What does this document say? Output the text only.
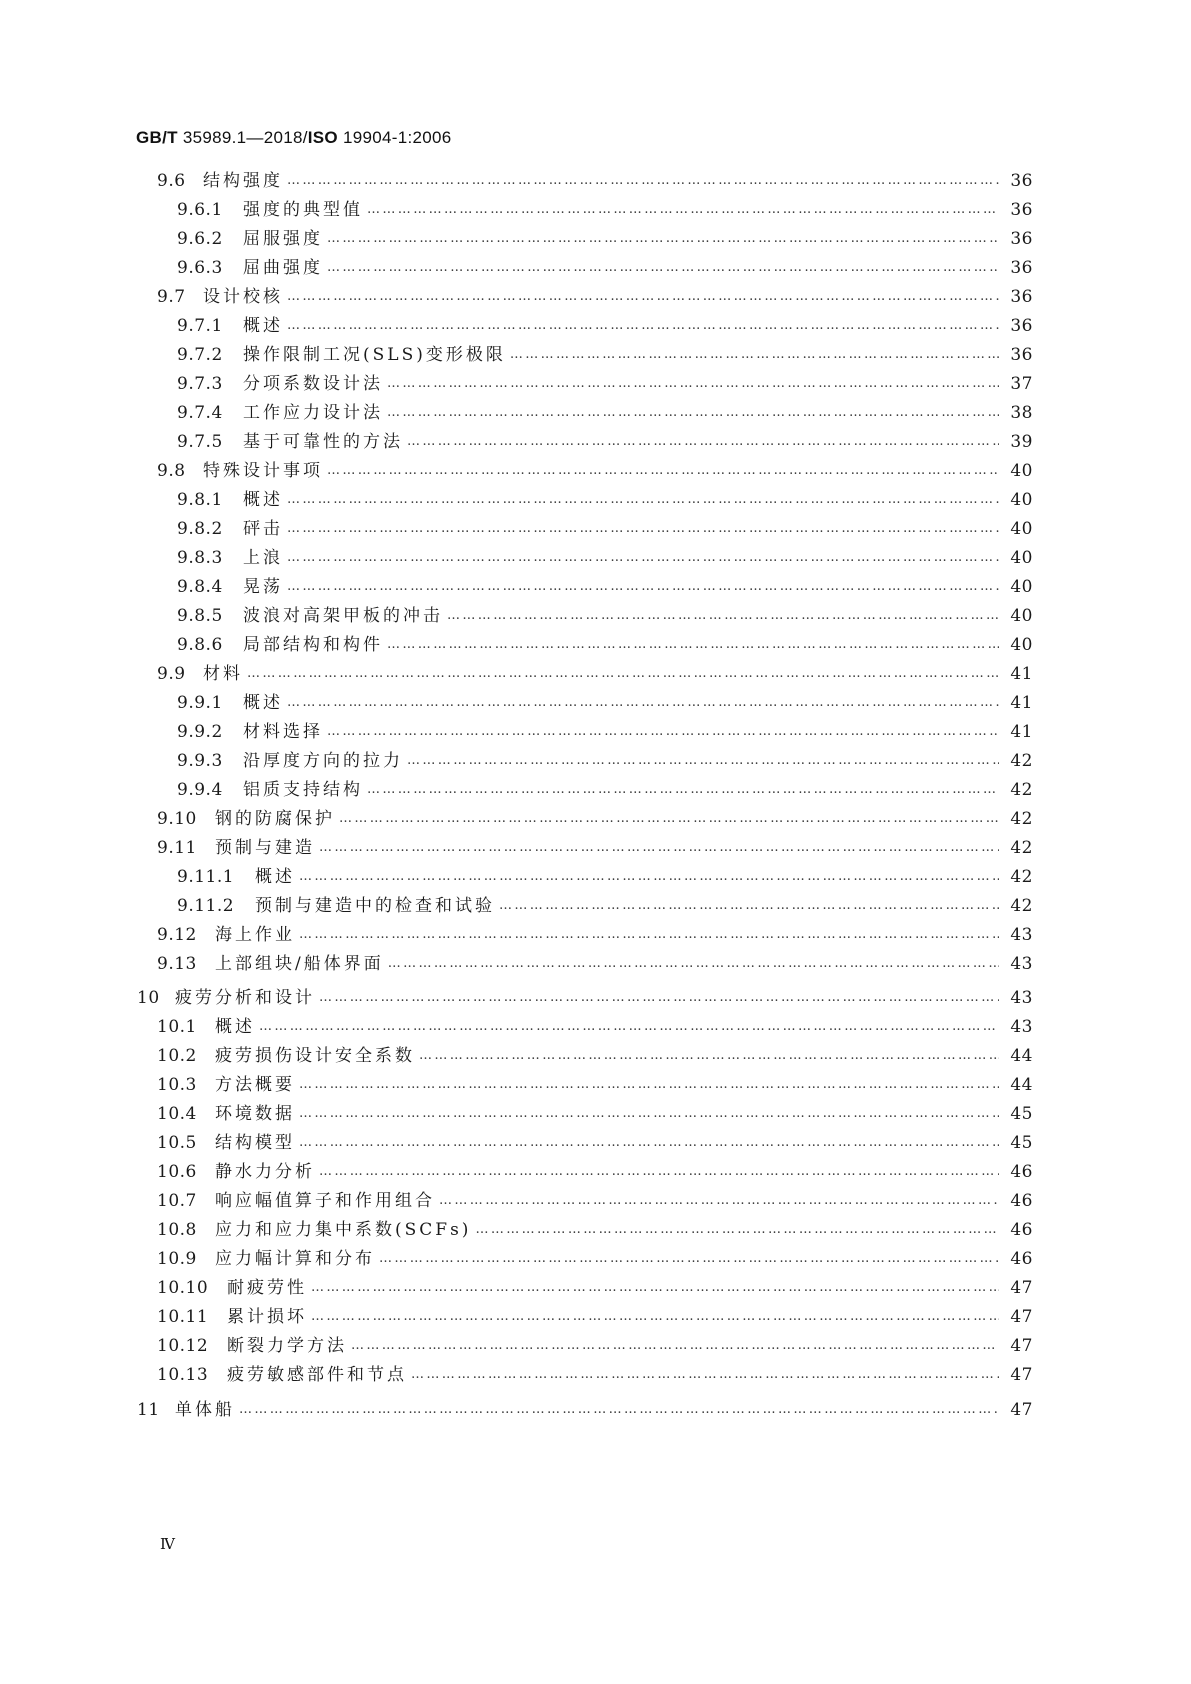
GB/T 35989.1—2018/ISO 19904-1:2006
9.6	结构强度 …………………………………………………………………………………………………………………………………………………………………………………………………	36
9.6.1	强度的典型值 …………………………………………………………………………………………………………………………………………………………………………………………………	36
9.6.2	屈服强度 …………………………………………………………………………………………………………………………………………………………………………………………………	36
9.6.3	屈曲强度 …………………………………………………………………………………………………………………………………………………………………………………………………	36
9.7	设计校核 …………………………………………………………………………………………………………………………………………………………………………………………………	36
9.7.1	概述 …………………………………………………………………………………………………………………………………………………………………………………………………	36
9.7.2	操作限制工况(SLS)变形极限 …………………………………………………………………………………………………………………………………………………………………………………………………	36
9.7.3	分项系数设计法 …………………………………………………………………………………………………………………………………………………………………………………………………	37
9.7.4	工作应力设计法 …………………………………………………………………………………………………………………………………………………………………………………………………	38
9.7.5	基于可靠性的方法 …………………………………………………………………………………………………………………………………………………………………………………………………	39
9.8	特殊设计事项 …………………………………………………………………………………………………………………………………………………………………………………………………	40
9.8.1	概述 …………………………………………………………………………………………………………………………………………………………………………………………………	40
9.8.2	砰击 …………………………………………………………………………………………………………………………………………………………………………………………………	40
9.8.3	上浪 …………………………………………………………………………………………………………………………………………………………………………………………………	40
9.8.4	晃荡 …………………………………………………………………………………………………………………………………………………………………………………………………	40
9.8.5	波浪对高架甲板的冲击 …………………………………………………………………………………………………………………………………………………………………………………………………	40
9.8.6	局部结构和构件 …………………………………………………………………………………………………………………………………………………………………………………………………	40
9.9	材料 …………………………………………………………………………………………………………………………………………………………………………………………………	41
9.9.1	概述 …………………………………………………………………………………………………………………………………………………………………………………………………	41
9.9.2	材料选择 …………………………………………………………………………………………………………………………………………………………………………………………………	41
9.9.3	沿厚度方向的拉力 …………………………………………………………………………………………………………………………………………………………………………………………………	42
9.9.4	铝质支持结构 …………………………………………………………………………………………………………………………………………………………………………………………………	42
9.10	钢的防腐保护 …………………………………………………………………………………………………………………………………………………………………………………………………	42
9.11	预制与建造 …………………………………………………………………………………………………………………………………………………………………………………………………	42
9.11.1	概述 …………………………………………………………………………………………………………………………………………………………………………………………………	42
9.11.2	预制与建造中的检查和试验 …………………………………………………………………………………………………………………………………………………………………………………………………	42
9.12	海上作业 …………………………………………………………………………………………………………………………………………………………………………………………………	43
9.13	上部组块/船体界面 …………………………………………………………………………………………………………………………………………………………………………………………………	43
10 疲劳分析和设计 …………………………………………………………………………………………………………………………………………………………………………………………………	43
10.1	概述 …………………………………………………………………………………………………………………………………………………………………………………………………	43
10.2	疲劳损伤设计安全系数 …………………………………………………………………………………………………………………………………………………………………………………………………	44
10.3	方法概要 …………………………………………………………………………………………………………………………………………………………………………………………………	44
10.4	环境数据 …………………………………………………………………………………………………………………………………………………………………………………………………	45
10.5	结构模型 …………………………………………………………………………………………………………………………………………………………………………………………………	45
10.6	静水力分析 …………………………………………………………………………………………………………………………………………………………………………………………………	46
10.7	响应幅值算子和作用组合 …………………………………………………………………………………………………………………………………………………………………………………………………	46
10.8	应力和应力集中系数(SCFs) …………………………………………………………………………………………………………………………………………………………………………………………………	46
10.9	应力幅计算和分布 …………………………………………………………………………………………………………………………………………………………………………………………………	46
10.10	耐疲劳性 …………………………………………………………………………………………………………………………………………………………………………………………………	47
10.11	累计损坏 …………………………………………………………………………………………………………………………………………………………………………………………………	47
10.12	断裂力学方法 …………………………………………………………………………………………………………………………………………………………………………………………………	47
10.13	疲劳敏感部件和节点 …………………………………………………………………………………………………………………………………………………………………………………………………	47
11 单体船 …………………………………………………………………………………………………………………………………………………………………………………………………	47
Ⅳ
